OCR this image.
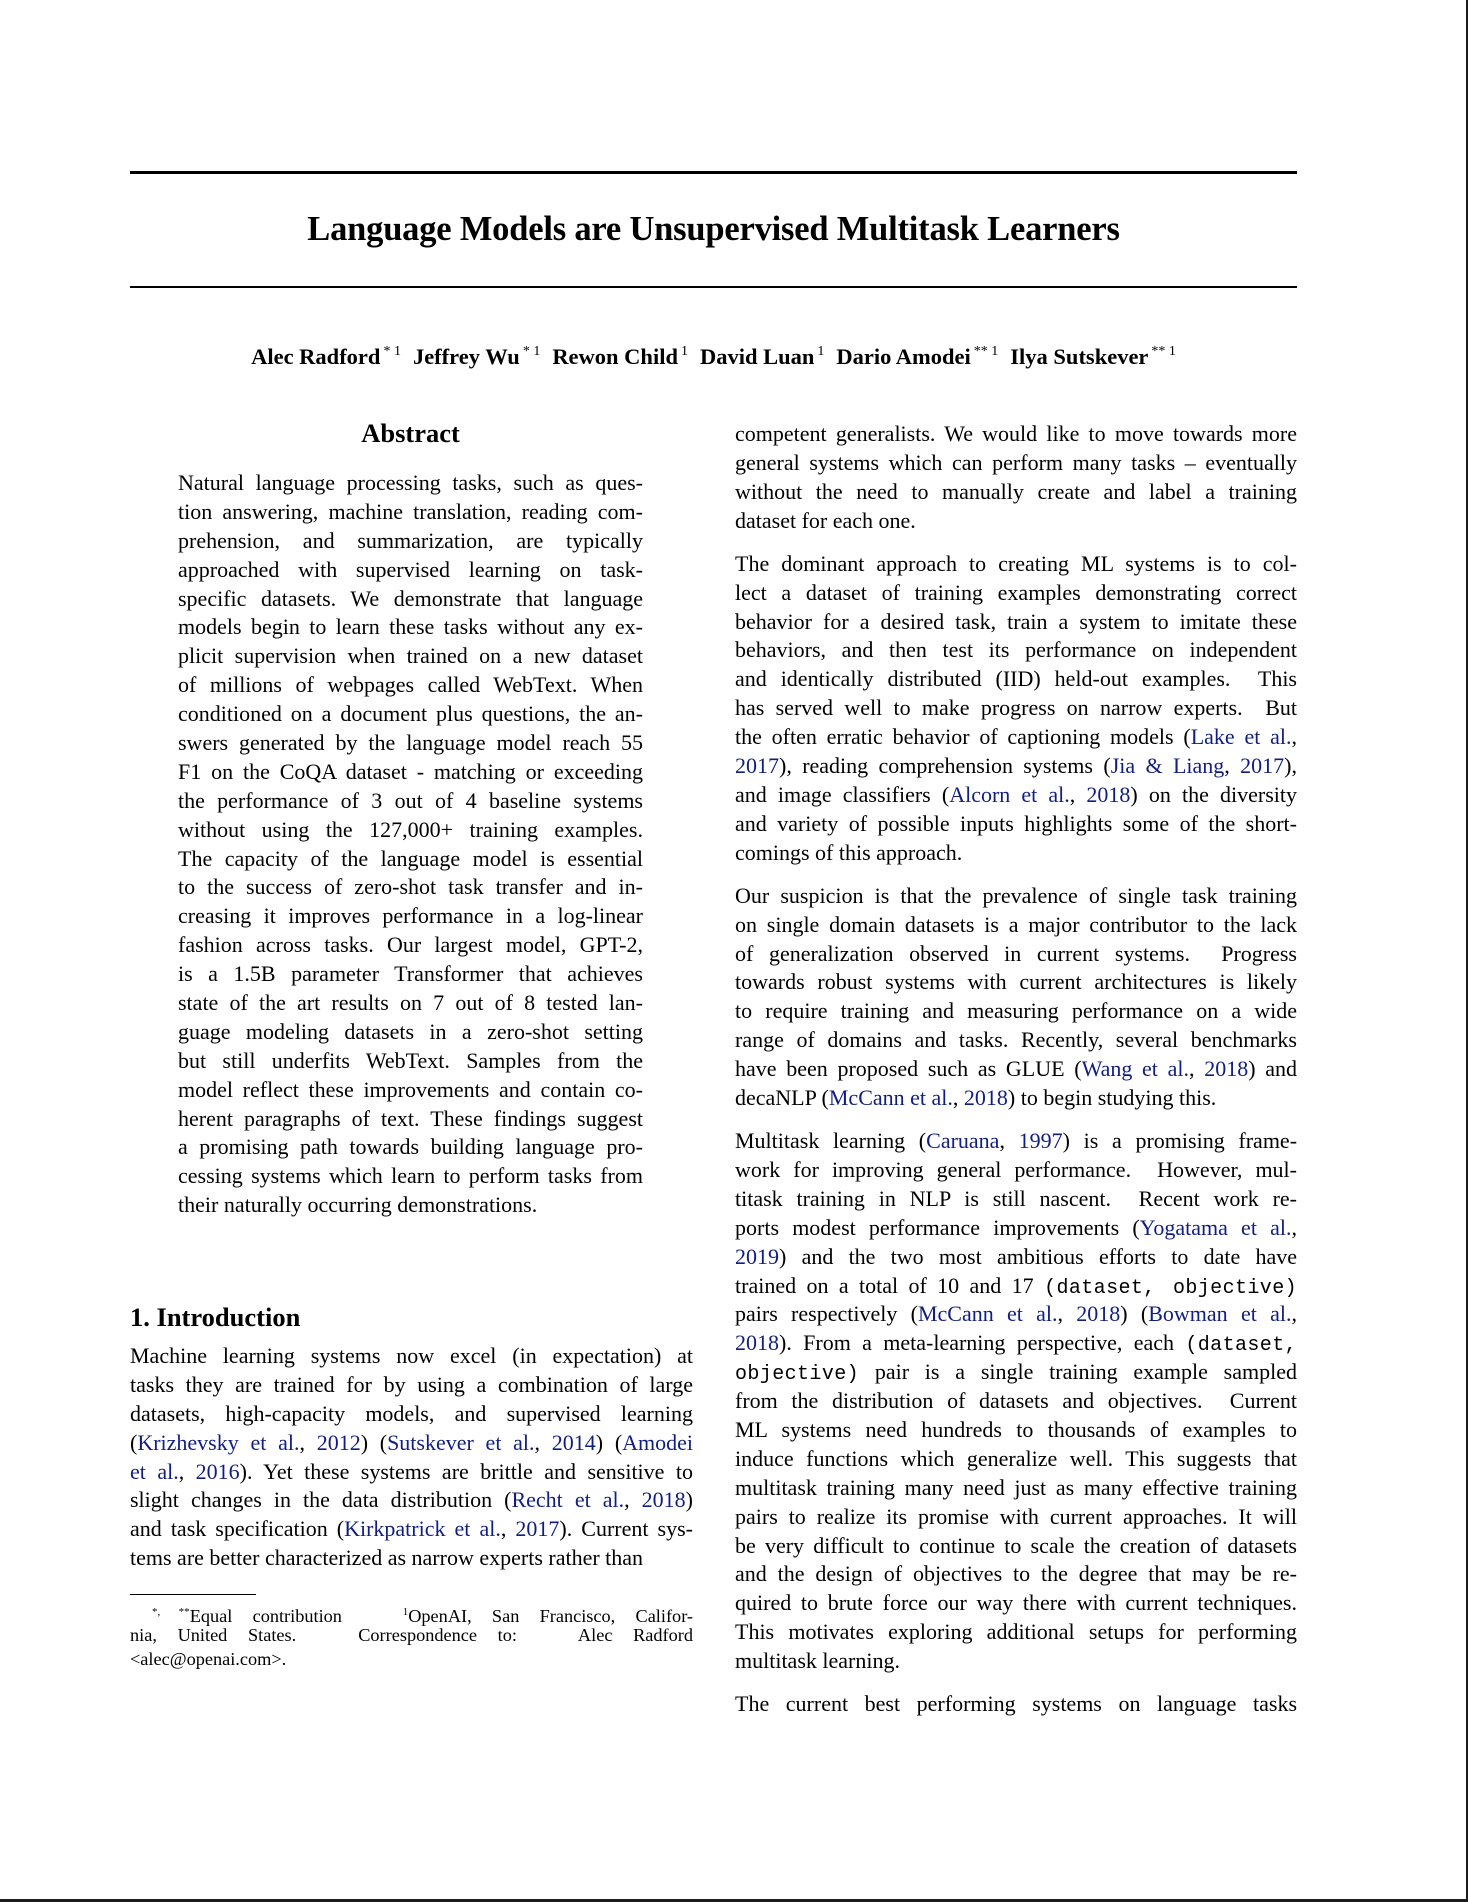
Language Models are Unsupervised Multitask Learners
Alec Radford $^{* 1}$ Jeffrey Wu $^{* 1}$ Rewon Child $^1$ David Luan $^1$ Dario Amodei $^{** 1}$ Ilya Sutskever $^{** 1}$
Abstract
Natural language processing tasks, such as ques-
tion answering, machine translation, reading com-
prehension, and summarization, are typically
approached with supervised learning on task-
specific datasets. We demonstrate that language
models begin to learn these tasks without any ex-
plicit supervision when trained on a new dataset
of millions of webpages called WebText. When
conditioned on a document plus questions, the an-
swers generated by the language model reach 55
F1 on the CoQA dataset - matching or exceeding
the performance of 3 out of 4 baseline systems
without using the 127,000+ training examples.
The capacity of the language model is essential
to the success of zero-shot task transfer and in-
creasing it improves performance in a log-linear
fashion across tasks. Our largest model, GPT-2,
is a 1.5B parameter Transformer that achieves
state of the art results on 7 out of 8 tested lan-
guage modeling datasets in a zero-shot setting
but still underfits WebText. Samples from the
model reflect these improvements and contain co-
herent paragraphs of text. These findings suggest
a promising path towards building language pro-
cessing systems which learn to perform tasks from
their naturally occurring demonstrations.
1. Introduction
Machine learning systems now excel (in expectation) at
tasks they are trained for by using a combination of large
datasets, high-capacity models, and supervised learning
(Krizhevsky et al., 2012) (Sutskever et al., 2014) (Amodei
et al., 2016). Yet these systems are brittle and sensitive to
slight changes in the data distribution (Recht et al., 2018)
and task specification (Kirkpatrick et al., 2017). Current sys-
tems are better characterized as narrow experts rather than
*, **Equal contribution	$^1$OpenAI, San Francisco, Califor-
nia, United States.   Correspondence to:   Alec Radford
<alec@openai.com>.

competent generalists. We would like to move towards more
general systems which can perform many tasks – eventually
without the need to manually create and label a training
dataset for each one.

The dominant approach to creating ML systems is to col-
lect a dataset of training examples demonstrating correct
behavior for a desired task, train a system to imitate these
behaviors, and then test its performance on independent
and identically distributed (IID) held-out examples.  This
has served well to make progress on narrow experts.  But
the often erratic behavior of captioning models (Lake et al.,
2017), reading comprehension systems (Jia & Liang, 2017),
and image classifiers (Alcorn et al., 2018) on the diversity
and variety of possible inputs highlights some of the short-
comings of this approach.

Our suspicion is that the prevalence of single task training
on single domain datasets is a major contributor to the lack
of generalization observed in current systems.  Progress
towards robust systems with current architectures is likely
to require training and measuring performance on a wide
range of domains and tasks. Recently, several benchmarks
have been proposed such as GLUE (Wang et al., 2018) and
decaNLP (McCann et al., 2018) to begin studying this.

Multitask learning (Caruana, 1997) is a promising frame-
work for improving general performance.  However, mul-
titask training in NLP is still nascent.  Recent work re-
ports modest performance improvements (Yogatama et al.,
2019) and the two most ambitious efforts to date have
trained on a total of 10 and 17 (dataset, objective)
pairs respectively (McCann et al., 2018) (Bowman et al.,
2018). From a meta-learning perspective, each (dataset,
objective) pair is a single training example sampled
from the distribution of datasets and objectives.  Current
ML systems need hundreds to thousands of examples to
induce functions which generalize well. This suggests that
multitask training many need just as many effective training
pairs to realize its promise with current approaches. It will
be very difficult to continue to scale the creation of datasets
and the design of objectives to the degree that may be re-
quired to brute force our way there with current techniques.
This motivates exploring additional setups for performing
multitask learning.

The current best performing systems on language tasks
